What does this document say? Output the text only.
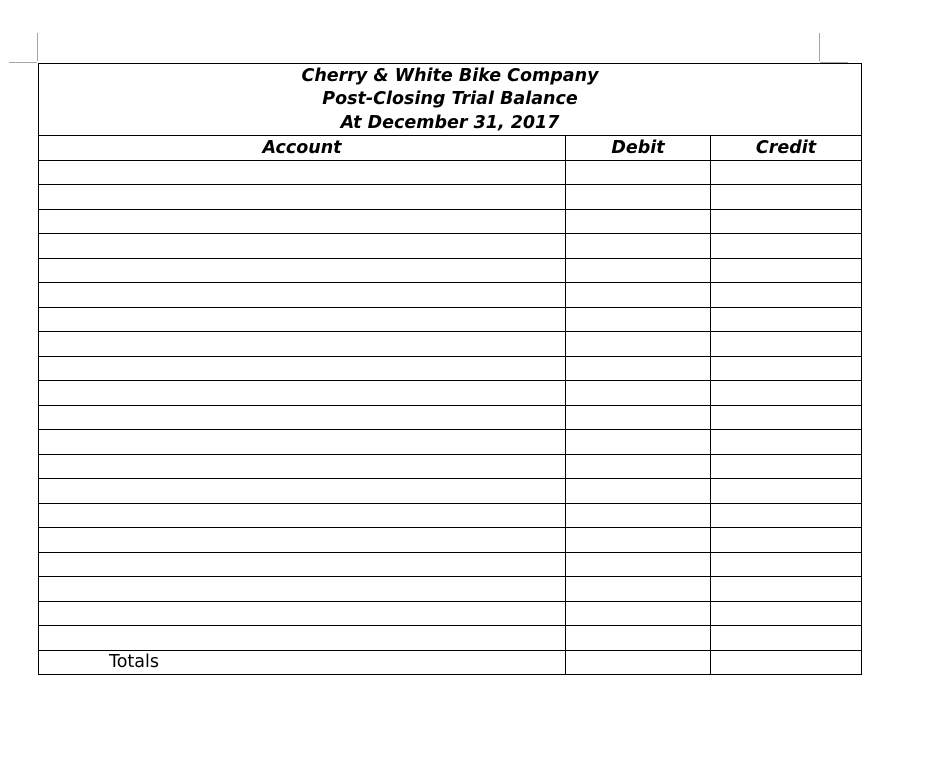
Cherry & White Bike Company
Post-Closing Trial Balance
At December 31, 2017		

Account	Debit	Credit

Totals		
